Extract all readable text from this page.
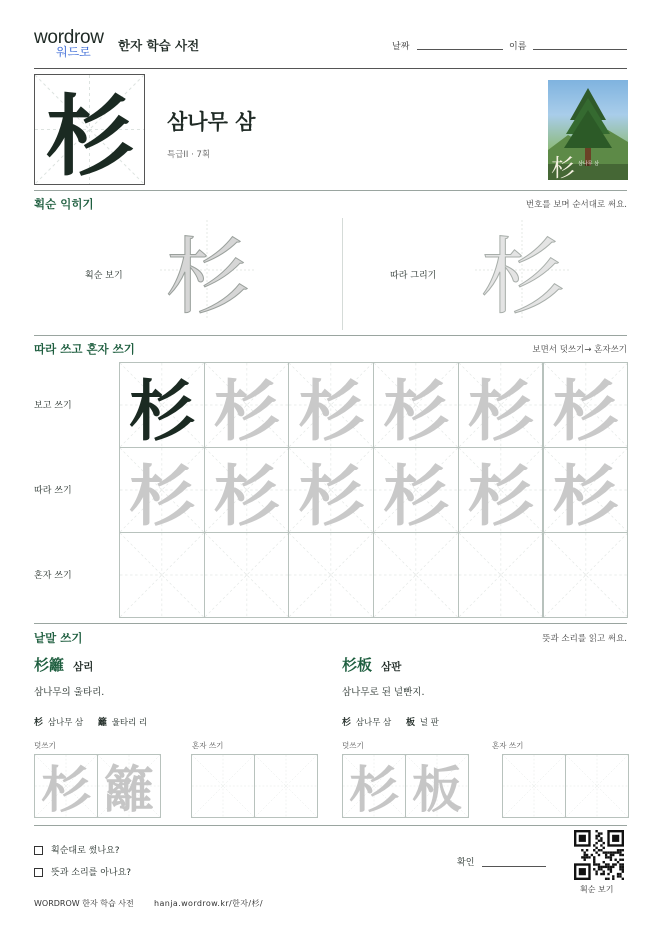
wordrow
워드로	한자 학습 사전	날짜	이름
杉	삼나무 삼
특급II · 7획	杉 삼나무 삼
획순 익히기	번호를 보며 순서대로 써요.
획순 보기 杉	따라 그리기 杉
따라 쓰고 혼자 쓰기	보면서 덧쓰기→ 혼자쓰기
보고 쓰기
따라 쓰기
혼자 쓰기
杉 杉 杉 杉 杉 杉
杉 杉 杉 杉 杉 杉
낱말 쓰기	뜻과 소리를 읽고 써요.
杉籬 삼리
삼나무의 울타리.
杉 삼나무 삼 籬 울타리 리
덧쓰기	혼자 쓰기
杉板 삼판
삼나무로 된 널빤지.
杉 삼나무 삼 板 널 판
덧쓰기	혼자 쓰기
杉 籬	杉 板
획순대로 썼나요?
뜻과 소리를 아나요?
확인
획순 보기
WORDROW 한자 학습 사전	hanja.wordrow.kr/한자/杉/
